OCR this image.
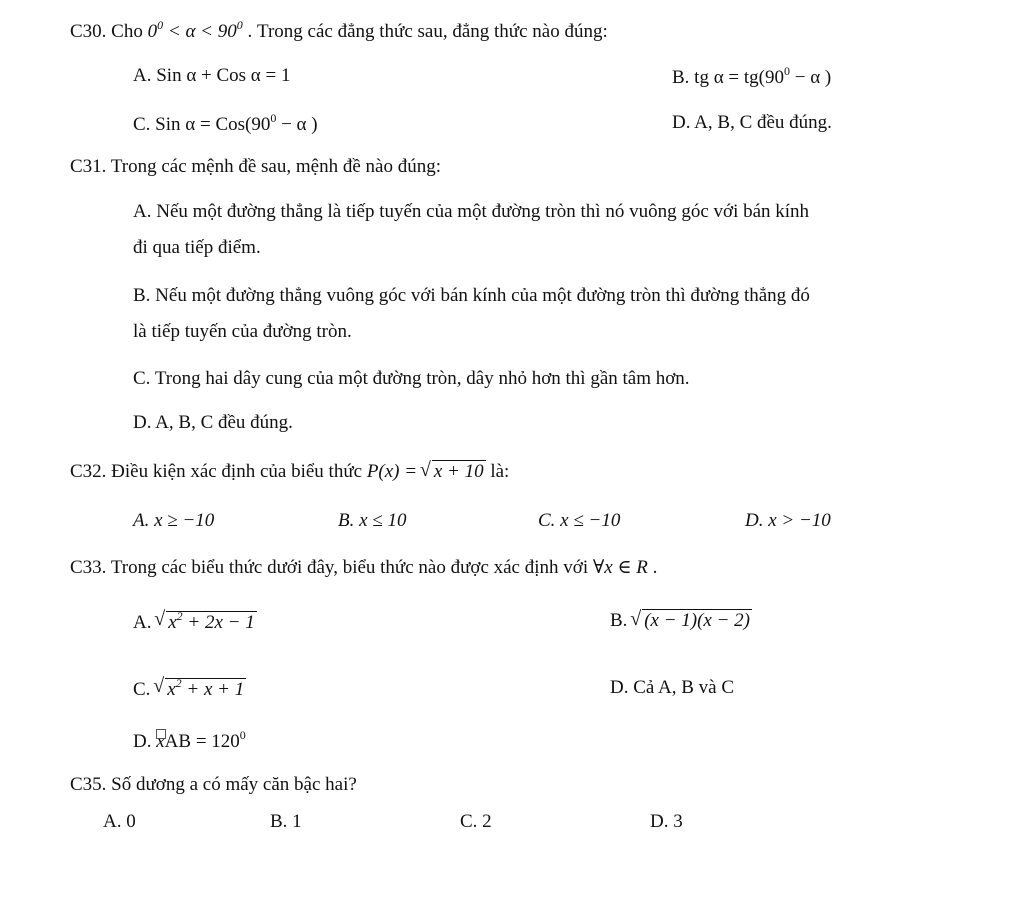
C30. Cho $0^0 < \alpha < 90^0$ . Trong các đẳng thức sau, đẳng thức nào đúng:
A. Sin α + Cos α = 1	B. tg $\alpha = tg(90^0 - \alpha$ )
C. Sin $\alpha = Cos(90^0 - \alpha$ )	D. A, B, C đều đúng.
C31. Trong các mệnh đề sau, mệnh đề nào đúng:
A. Nếu một đường thẳng là tiếp tuyến của một đường tròn thì nó vuông góc với bán kính
đi qua tiếp điểm.
B. Nếu một đường thẳng vuông góc với bán kính của một đường tròn thì đường thẳng đó
là tiếp tuyến của đường tròn.
C. Trong hai dây cung của một đường tròn, dây nhỏ hơn thì gần tâm hơn.
D. A, B, C đều đúng.
C32. Điều kiện xác định của biểu thức P(x) = √ x + 10 là:
A. x ≥ −10	B. x ≤ 10	C. x ≤ −10	D. x > −10
C33. Trong các biểu thức dưới đây, biểu thức nào được xác định với ∀x ∈ R .
A. √ $x^2 + 2x - 1$	B. √ (x − 1)(x − 2)
C. √ $x^2 + x + 1$	D. Cả A, B và C
D. xAB = $120^0$
C35. Số dương a có mấy căn bậc hai?
A. 0	B. 1	C. 2	D. 3
